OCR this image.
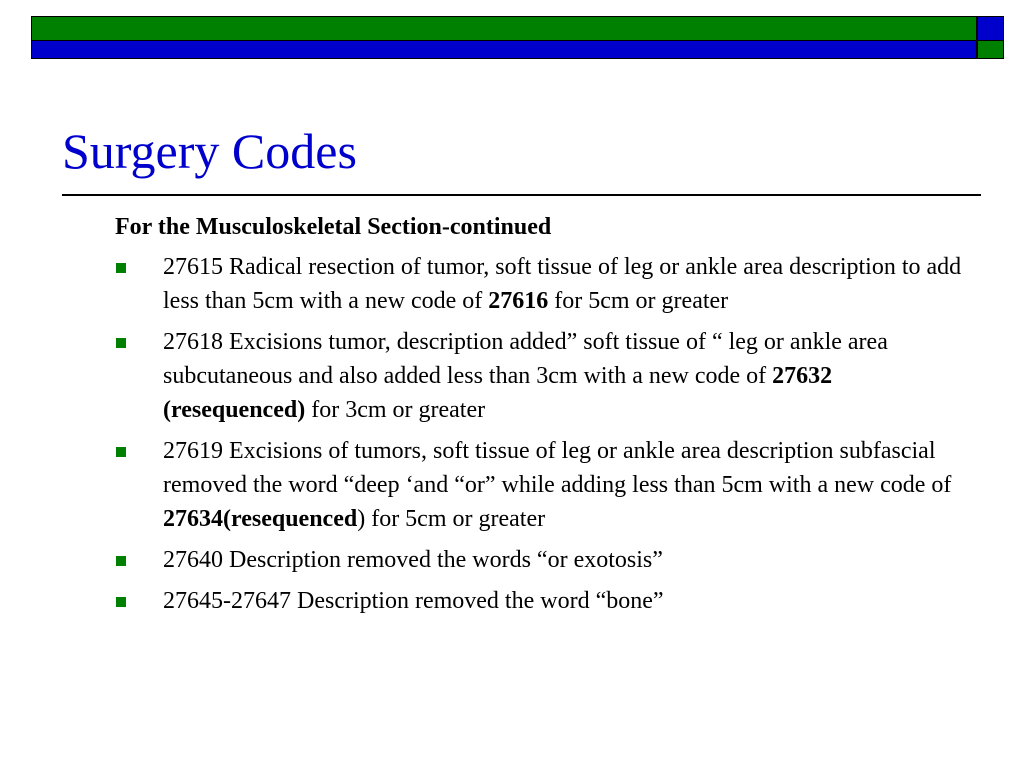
Surgery Codes
For the Musculoskeletal Section-continued
27615 Radical resection of tumor, soft tissue of leg or ankle area description to add less than 5cm with a new code of 27616 for 5cm or greater
27618 Excisions tumor, description added” soft tissue of “ leg or ankle area subcutaneous and also added less than 3cm with a new code of 27632 (resequenced) for 3cm or greater
27619 Excisions of tumors, soft tissue of leg or ankle area description subfascial removed the word “deep ‘and “or” while adding less than 5cm with a new code of 27634(resequenced) for 5cm or greater
27640 Description removed the words “or exotosis”
27645-27647 Description removed the word “bone”
